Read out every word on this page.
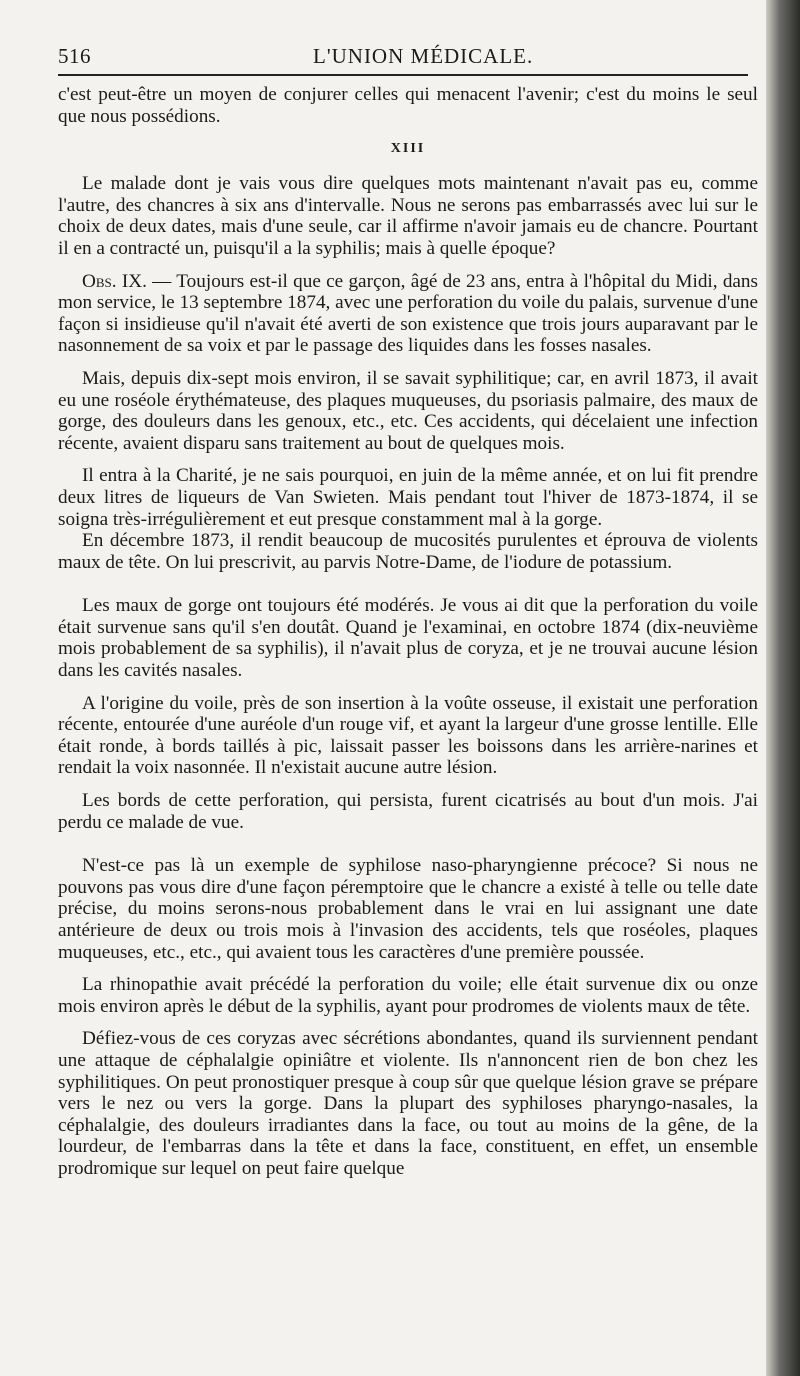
516	L'UNION MÉDICALE.

c'est peut-être un moyen de conjurer celles qui menacent l'avenir; c'est du moins le seul que nous possédions.

XIII

Le malade dont je vais vous dire quelques mots maintenant n'avait pas eu, comme l'autre, des chancres à six ans d'intervalle. Nous ne serons pas embarrassés avec lui sur le choix de deux dates, mais d'une seule, car il affirme n'avoir jamais eu de chancre. Pourtant il en a contracté un, puisqu'il a la syphilis; mais à quelle époque?

Obs. IX. — Toujours est-il que ce garçon, âgé de 23 ans, entra à l'hôpital du Midi, dans mon service, le 13 septembre 1874, avec une perforation du voile du palais, survenue d'une façon si insidieuse qu'il n'avait été averti de son existence que trois jours auparavant par le nasonnement de sa voix et par le passage des liquides dans les fosses nasales.

Mais, depuis dix-sept mois environ, il se savait syphilitique; car, en avril 1873, il avait eu une roséole érythémateuse, des plaques muqueuses, du psoriasis palmaire, des maux de gorge, des douleurs dans les genoux, etc., etc. Ces accidents, qui décelaient une infection récente, avaient disparu sans traitement au bout de quelques mois.

Il entra à la Charité, je ne sais pourquoi, en juin de la même année, et on lui fit prendre deux litres de liqueurs de Van Swieten. Mais pendant tout l'hiver de 1873-1874, il se soigna très-irrégulièrement et eut presque constamment mal à la gorge.

En décembre 1873, il rendit beaucoup de mucosités purulentes et éprouva de violents maux de tête. On lui prescrivit, au parvis Notre-Dame, de l'iodure de potassium.

Les maux de gorge ont toujours été modérés. Je vous ai dit que la perforation du voile était survenue sans qu'il s'en doutât. Quand je l'examinai, en octobre 1874 (dix-neuvième mois probablement de sa syphilis), il n'avait plus de coryza, et je ne trouvai aucune lésion dans les cavités nasales.

A l'origine du voile, près de son insertion à la voûte osseuse, il existait une perforation récente, entourée d'une auréole d'un rouge vif, et ayant la largeur d'une grosse lentille. Elle était ronde, à bords taillés à pic, laissait passer les boissons dans les arrière-narines et rendait la voix nasonnée. Il n'existait aucune autre lésion.

Les bords de cette perforation, qui persista, furent cicatrisés au bout d'un mois. J'ai perdu ce malade de vue.

N'est-ce pas là un exemple de syphilose naso-pharyngienne précoce? Si nous ne pouvons pas vous dire d'une façon péremptoire que le chancre a existé à telle ou telle date précise, du moins serons-nous probablement dans le vrai en lui assignant une date antérieure de deux ou trois mois à l'invasion des accidents, tels que roséoles, plaques muqueuses, etc., etc., qui avaient tous les caractères d'une première poussée.

La rhinopathie avait précédé la perforation du voile; elle était survenue dix ou onze mois environ après le début de la syphilis, ayant pour prodromes de violents maux de tête.

Défiez-vous de ces coryzas avec sécrétions abondantes, quand ils surviennent pendant une attaque de céphalalgie opiniâtre et violente. Ils n'annoncent rien de bon chez les syphilitiques. On peut pronostiquer presque à coup sûr que quelque lésion grave se prépare vers le nez ou vers la gorge. Dans la plupart des syphiloses pharyngo-nasales, la céphalalgie, des douleurs irradiantes dans la face, ou tout au moins de la gêne, de la lourdeur, de l'embarras dans la tête et dans la face, constituent, en effet, un ensemble prodromique sur lequel on peut faire quelque
